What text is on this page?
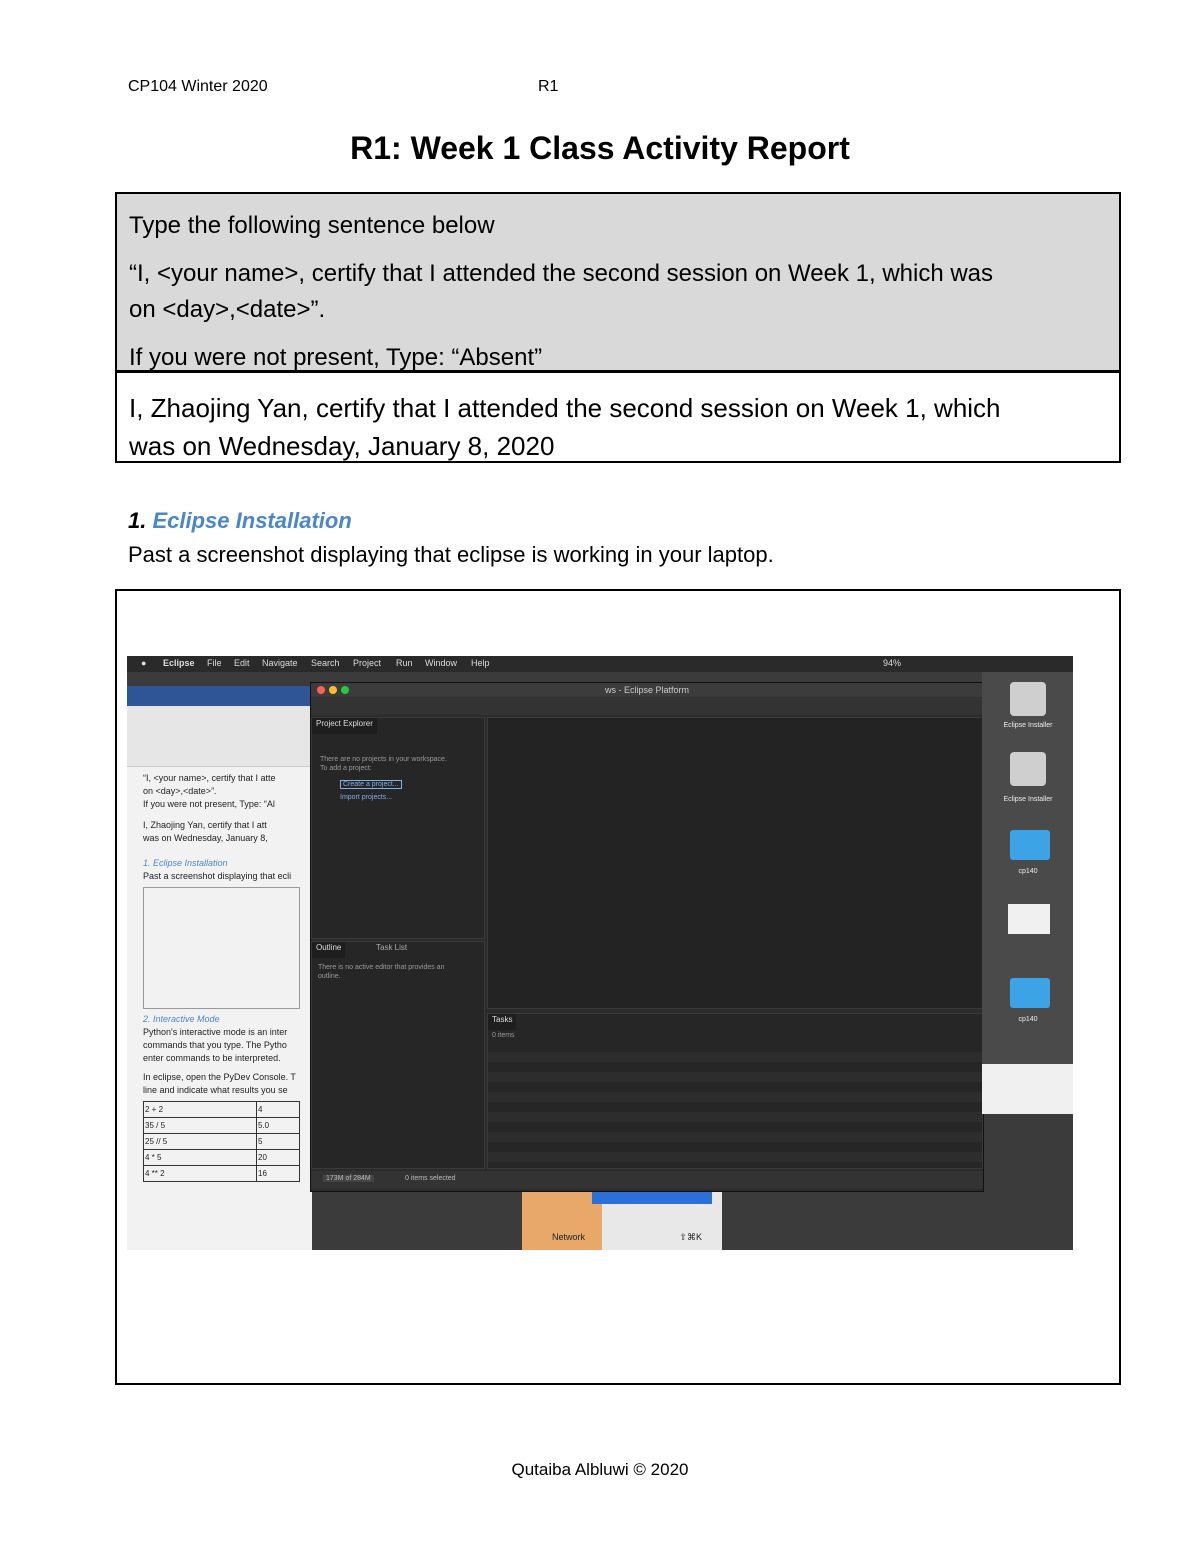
CP104 Winter 2020	R1
R1: Week 1 Class Activity Report

Type the following sentence below

“I, <your name>, certify that I attended the second session on Week 1, which was
on <day>,<date>”.

If you were not present, Type: “Absent”

I, Zhaojing Yan, certify that I attended the second session on Week 1, which
was on Wednesday, January 8, 2020
1. Eclipse Installation
Past a screenshot displaying that eclipse is working in your laptop.
● Eclipse File Edit Navigate Search Project Run Window Help	94%
“I, <your name>, certify that I atte
on <day>,<date>”.
If you were not present, Type: “Al
I, Zhaojing Yan, certify that I att
was on Wednesday, January 8,
1. Eclipse Installation
Past a screenshot displaying that ecli
2. Interactive Mode
Python's interactive mode is an inter
commands that you type. The Pytho
enter commands to be interpreted.
In eclipse, open the PyDev Console. T
line and indicate what results you se
2 + 2	4
35 / 5	5.0
25 // 5	5
4 * 5	20
4 ** 2	16
Network	⇧⌘K
ws - Eclipse Platform
Project Explorer
There are no projects in your workspace.
To add a project:
Create a project...
Import projects...
Outline	Task List
There is no active editor that provides an
outline.
Tasks
0 items
173M of 284M	0 items selected
Eclipse Installer
Eclipse Installer
cp140
cp140
Qutaiba Albluwi © 2020
